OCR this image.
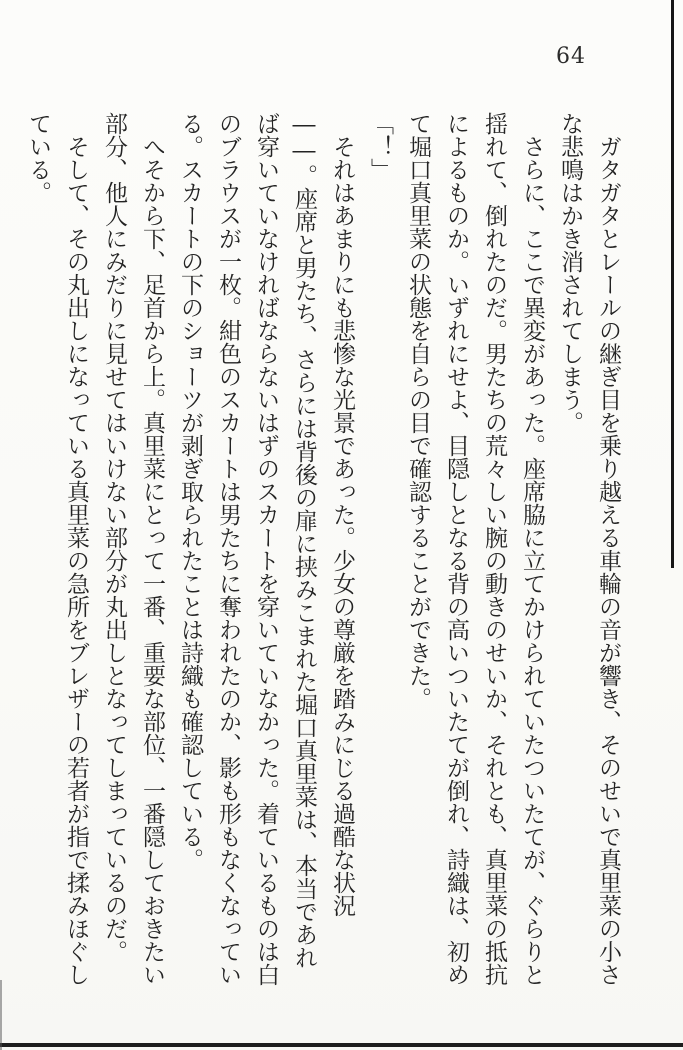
64

ガタガタとレールの継ぎ目を乗り越える車輪の音が響き、そのせいで真里菜の小さな悲鳴はかき消されてしまう。

さらに、ここで異変があった。座席脇に立てかけられていたついたてが、ぐらりと揺れて、倒れたのだ。男たちの荒々しい腕の動きのせいか、それとも、真里菜の抵抗によるものか。いずれにせよ、目隠しとなる背の高いついたてが倒れ、詩織は、初めて堀口真里菜の状態を自らの目で確認することができた。

「！」

それはあまりにも悲惨な光景であった。少女の尊厳を踏みにじる過酷な状況――。座席と男たち、さらには背後の扉に挟みこまれた堀口真里菜は、本当であれば穿いていなければならないはずのスカートを穿いていなかった。着ているものは白のブラウスが一枚。紺色のスカートは男たちに奪われたのか、影も形もなくなっている。スカートの下のショーツが剥ぎ取られたことは詩織も確認している。

へそから下、足首から上。真里菜にとって一番、重要な部位、一番隠しておきたい部分、他人にみだりに見せてはいけない部分が丸出しとなってしまっているのだ。

そして、その丸出しになっている真里菜の急所をブレザーの若者が指で揉みほぐしている。
